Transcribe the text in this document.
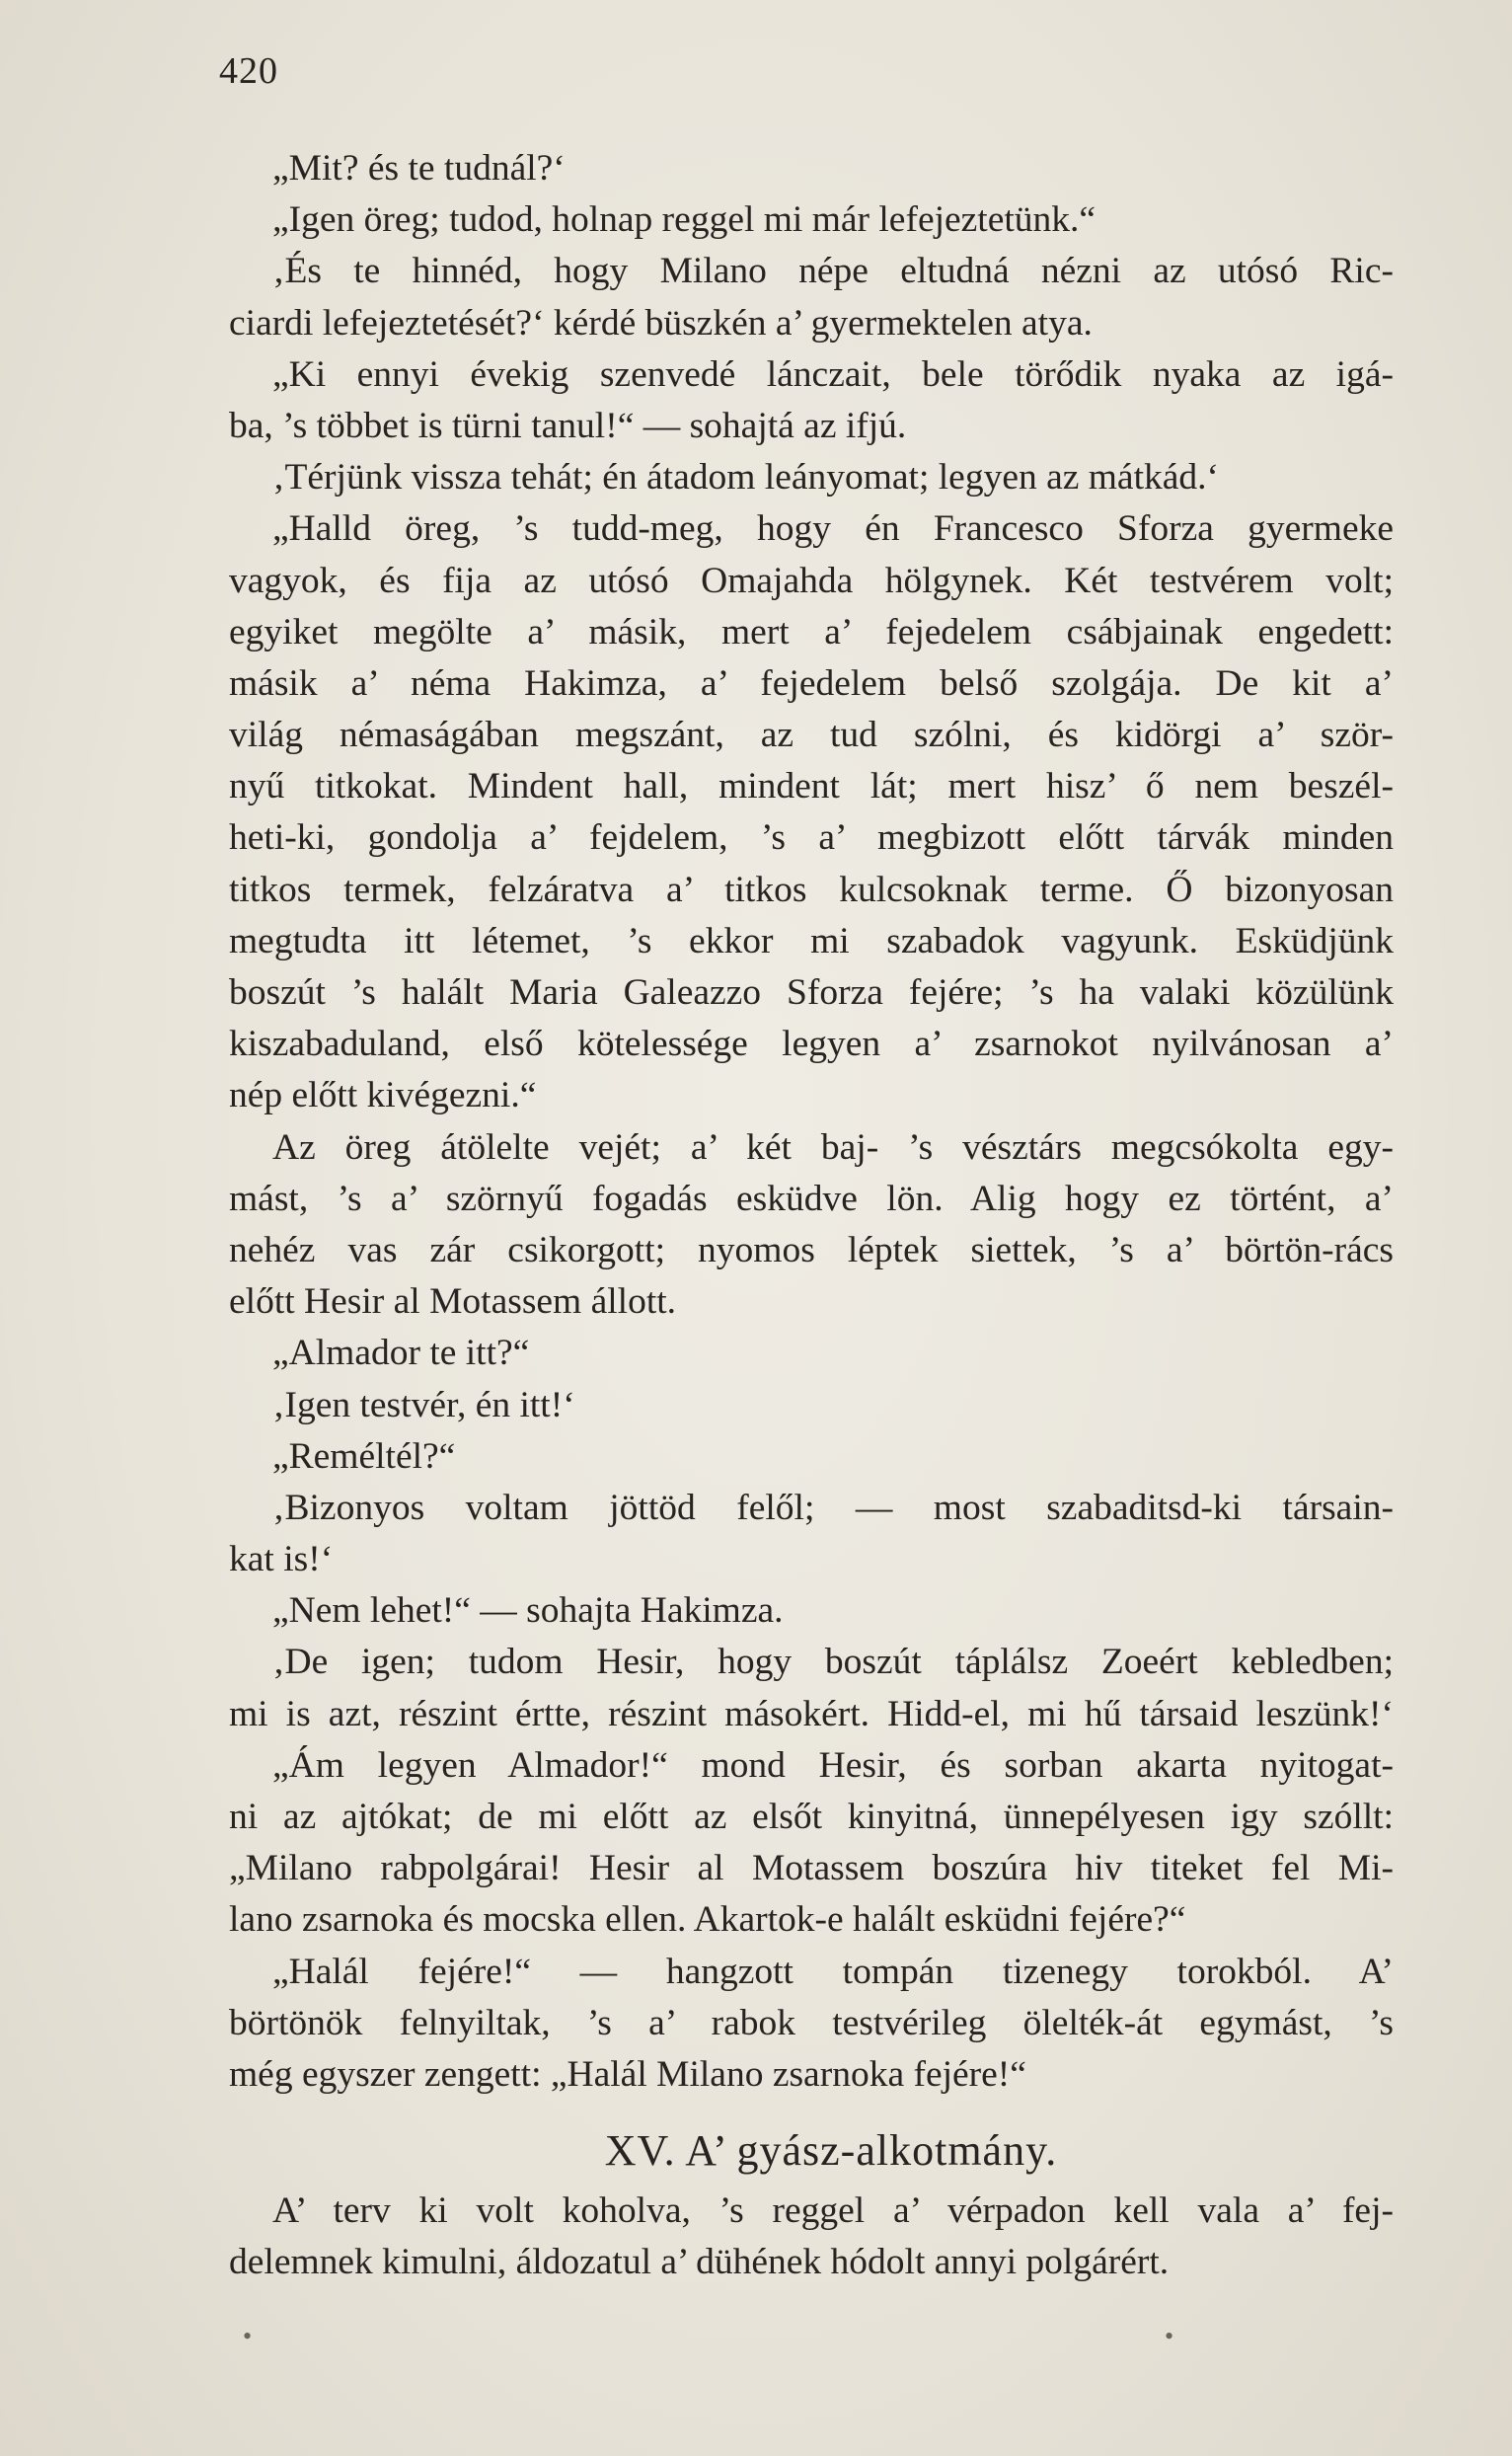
420
„Mit? és te tudnál?‘
„Igen öreg; tudod, holnap reggel mi már lefejeztetünk.“
‚És te hinnéd, hogy Milano népe eltudná nézni az utósó Ric-
ciardi lefejeztetését?‘ kérdé büszkén a’ gyermektelen atya.
„Ki ennyi évekig szenvedé lánczait, bele törődik nyaka az igá-
ba, ’s többet is türni tanul!“ — sohajtá az ifjú.
‚Térjünk vissza tehát; én átadom leányomat; legyen az mátkád.‘
„Halld öreg, ’s tudd-meg, hogy én Francesco Sforza gyermeke
vagyok, és fija az utósó Omajahda hölgynek. Két testvérem volt;
egyiket megölte a’ másik, mert a’ fejedelem csábjainak engedett:
másik a’ néma Hakimza, a’ fejedelem belső szolgája. De kit a’
világ némaságában megszánt, az tud szólni, és kidörgi a’ ször-
nyű titkokat. Mindent hall, mindent lát; mert hisz’ ő nem beszél-
heti-ki, gondolja a’ fejdelem, ’s a’ megbizott előtt tárvák minden
titkos termek, felzáratva a’ titkos kulcsoknak terme. Ő bizonyosan
megtudta itt létemet, ’s ekkor mi szabadok vagyunk. Esküdjünk
boszút ’s halált Maria Galeazzo Sforza fejére; ’s ha valaki közülünk
kiszabaduland, első kötelessége legyen a’ zsarnokot nyilvánosan a’
nép előtt kivégezni.“
Az öreg átölelte vejét; a’ két baj- ’s vésztárs megcsókolta egy-
mást, ’s a’ szörnyű fogadás esküdve lön. Alig hogy ez történt, a’
nehéz vas zár csikorgott; nyomos léptek siettek, ’s a’ börtön-rács
előtt Hesir al Motassem állott.
„Almador te itt?“
‚Igen testvér, én itt!‘
„Reméltél?“
‚Bizonyos voltam jöttöd felől; — most szabaditsd-ki társain-
kat is!‘
„Nem lehet!“ — sohajta Hakimza.
‚De igen; tudom Hesir, hogy boszút táplálsz Zoeért kebledben;
mi is azt, részint értte, részint másokért. Hidd-el, mi hű társaid leszünk!‘
„Ám legyen Almador!“ mond Hesir, és sorban akarta nyitogat-
ni az ajtókat; de mi előtt az elsőt kinyitná, ünnepélyesen igy szóllt:
„Milano rabpolgárai! Hesir al Motassem boszúra hiv titeket fel Mi-
lano zsarnoka és mocska ellen. Akartok-e halált esküdni fejére?“
„Halál fejére!“ — hangzott tompán tizenegy torokból. A’
börtönök felnyiltak, ’s a’ rabok testvérileg ölelték-át egymást, ’s
még egyszer zengett: „Halál Milano zsarnoka fejére!“
XV. A’ gyász-alkotmány.
A’ terv ki volt koholva, ’s reggel a’ vérpadon kell vala a’ fej-
delemnek kimulni, áldozatul a’ dühének hódolt annyi polgárért.
•	•
